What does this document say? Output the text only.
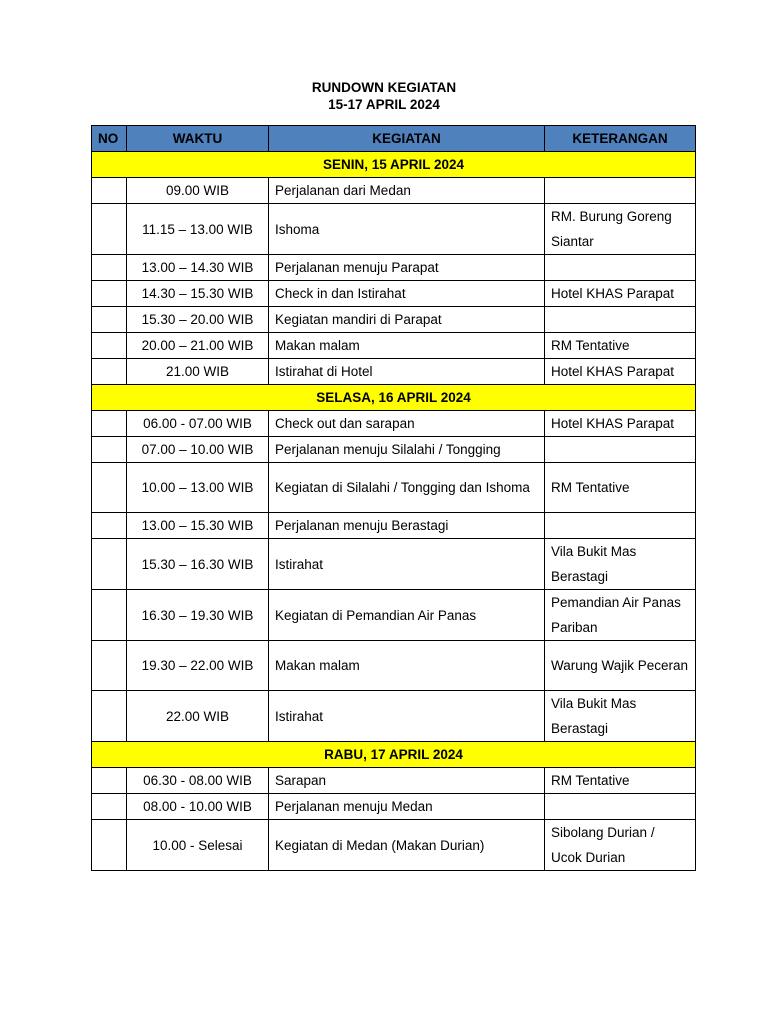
RUNDOWN KEGIATAN
15-17 APRIL 2024
NO	WAKTU	KEGIATAN	KETERANGAN
SENIN, 15 APRIL 2024			
	09.00 WIB	Perjalanan dari Medan	
	11.15 – 13.00 WIB	Ishoma	RM. Burung Goreng Siantar
	13.00 – 14.30 WIB	Perjalanan menuju Parapat	
	14.30 – 15.30 WIB	Check in dan Istirahat	Hotel KHAS Parapat
	15.30 – 20.00 WIB	Kegiatan mandiri di Parapat	
	20.00 – 21.00 WIB	Makan malam	RM Tentative
	21.00 WIB	Istirahat di Hotel	Hotel KHAS Parapat
SELASA, 16 APRIL 2024			
	06.00 - 07.00 WIB	Check out dan sarapan	Hotel KHAS Parapat
	07.00 – 10.00 WIB	Perjalanan menuju Silalahi / Tongging	
	10.00 – 13.00 WIB	Kegiatan di Silalahi / Tongging dan Ishoma	RM Tentative
	13.00 – 15.30 WIB	Perjalanan menuju Berastagi	
	15.30 – 16.30 WIB	Istirahat	Vila Bukit Mas Berastagi
	16.30 – 19.30 WIB	Kegiatan di Pemandian Air Panas	Pemandian Air Panas Pariban
	19.30 – 22.00 WIB	Makan malam	Warung Wajik Peceran
	22.00 WIB	Istirahat	Vila Bukit Mas Berastagi
RABU, 17 APRIL 2024			
	06.30 - 08.00 WIB	Sarapan	RM Tentative
	08.00 - 10.00 WIB	Perjalanan menuju Medan	
	10.00 - Selesai	Kegiatan di Medan (Makan Durian)	Sibolang Durian / Ucok Durian
